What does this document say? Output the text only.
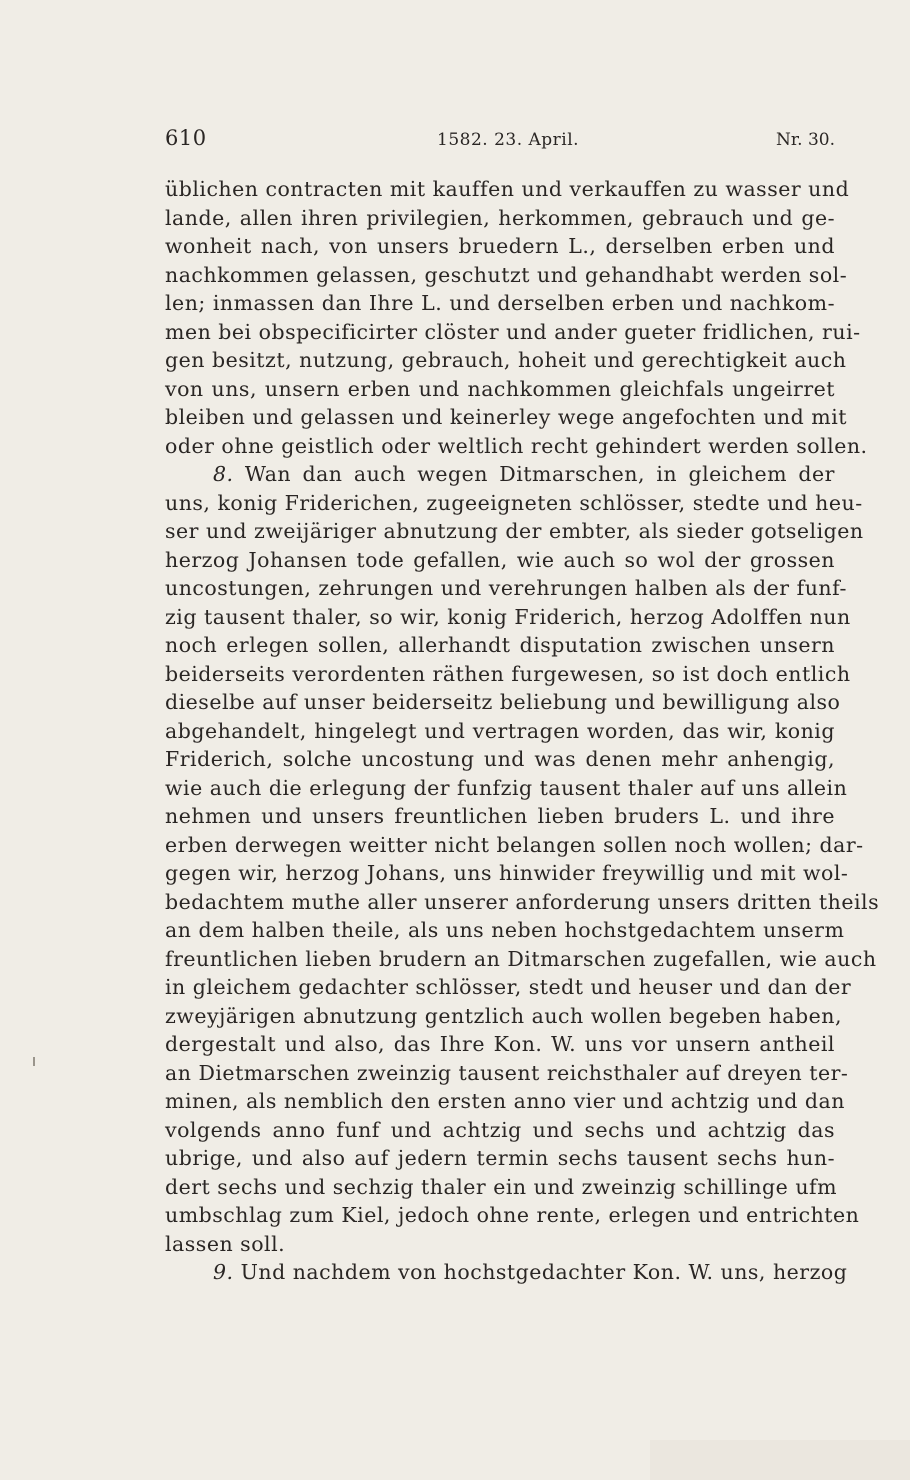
610	1582. 23. April.	Nr. 30.
üblichen contracten mit kauffen und verkauffen zu wasser und
lande, allen ihren privilegien, herkommen, gebrauch und ge-
wonheit nach, von unsers bruedern L., derselben erben und
nachkommen gelassen, geschutzt und gehandhabt werden sol-
len; inmassen dan Ihre L. und derselben erben und nachkom-
men bei obspecificirter clöster und ander gueter fridlichen, rui-
gen besitzt, nutzung, gebrauch, hoheit und gerechtigkeit auch
von uns, unsern erben und nachkommen gleichfals ungeirret
bleiben und gelassen und keinerley wege angefochten und mit
oder ohne geistlich oder weltlich recht gehindert werden sollen.
8. Wan dan auch wegen Ditmarschen, in gleichem der
uns, konig Friderichen, zugeeigneten schlösser, stedte und heu-
ser und zweijäriger abnutzung der embter, als sieder gotseligen
herzog Johansen tode gefallen, wie auch so wol der grossen
uncostungen, zehrungen und verehrungen halben als der funf-
zig tausent thaler, so wir, konig Friderich, herzog Adolffen nun
noch erlegen sollen, allerhandt disputation zwischen unsern
beiderseits verordenten räthen furgewesen, so ist doch entlich
dieselbe auf unser beiderseitz beliebung und bewilligung also
abgehandelt, hingelegt und vertragen worden, das wir, konig
Friderich, solche uncostung und was denen mehr anhengig,
wie auch die erlegung der funfzig tausent thaler auf uns allein
nehmen und unsers freuntlichen lieben bruders L. und ihre
erben derwegen weitter nicht belangen sollen noch wollen; dar-
gegen wir, herzog Johans, uns hinwider freywillig und mit wol-
bedachtem muthe aller unserer anforderung unsers dritten theils
an dem halben theile, als uns neben hochstgedachtem unserm
freuntlichen lieben brudern an Ditmarschen zugefallen, wie auch
in gleichem gedachter schlösser, stedt und heuser und dan der
zweyjärigen abnutzung gentzlich auch wollen begeben haben,
dergestalt und also, das Ihre Kon. W. uns vor unsern antheil
an Dietmarschen zweinzig tausent reichsthaler auf dreyen ter-
minen, als nemblich den ersten anno vier und achtzig und dan
volgends anno funf und achtzig und sechs und achtzig das
ubrige, und also auf jedern termin sechs tausent sechs hun-
dert sechs und sechzig thaler ein und zweinzig schillinge ufm
umbschlag zum Kiel, jedoch ohne rente, erlegen und entrichten
lassen soll.
9. Und nachdem von hochstgedachter Kon. W. uns, herzog
